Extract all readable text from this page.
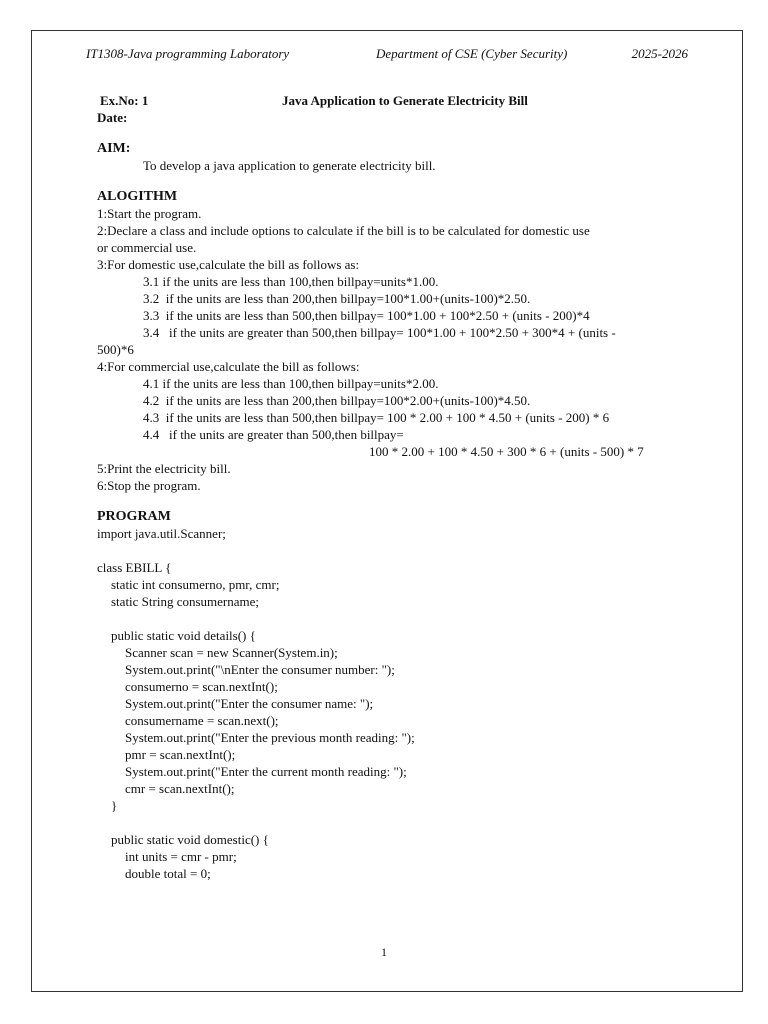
IT1308-Java programming Laboratory	Department of CSE (Cyber Security)	2025-2026
Ex.No: 1	Java Application to Generate Electricity Bill
Date:
AIM:
To develop a java application to generate electricity bill.
ALOGITHM
1:Start the program.
2:Declare a class and include options to calculate if the bill is to be calculated for domestic use
or commercial use.
3:For domestic use,calculate the bill as follows as:
3.1 if the units are less than 100,then billpay=units*1.00.
3.2  if the units are less than 200,then billpay=100*1.00+(units-100)*2.50.
3.3  if the units are less than 500,then billpay= 100*1.00 + 100*2.50 + (units - 200)*4
3.4   if the units are greater than 500,then billpay= 100*1.00 + 100*2.50 + 300*4 + (units -
500)*6
4:For commercial use,calculate the bill as follows:
4.1 if the units are less than 100,then billpay=units*2.00.
4.2  if the units are less than 200,then billpay=100*2.00+(units-100)*4.50.
4.3  if the units are less than 500,then billpay= 100 * 2.00 + 100 * 4.50 + (units - 200) * 6
4.4   if the units are greater than 500,then billpay=
100 * 2.00 + 100 * 4.50 + 300 * 6 + (units - 500) * 7
5:Print the electricity bill.
6:Stop the program.
PROGRAM
import java.util.Scanner;

class EBILL {
static int consumerno, pmr, cmr;
static String consumername;

public static void details() {
Scanner scan = new Scanner(System.in);
System.out.print("\nEnter the consumer number: ");
consumerno = scan.nextInt();
System.out.print("Enter the consumer name: ");
consumername = scan.next();
System.out.print("Enter the previous month reading: ");
pmr = scan.nextInt();
System.out.print("Enter the current month reading: ");
cmr = scan.nextInt();
}

public static void domestic() {
int units = cmr - pmr;
double total = 0;
1
